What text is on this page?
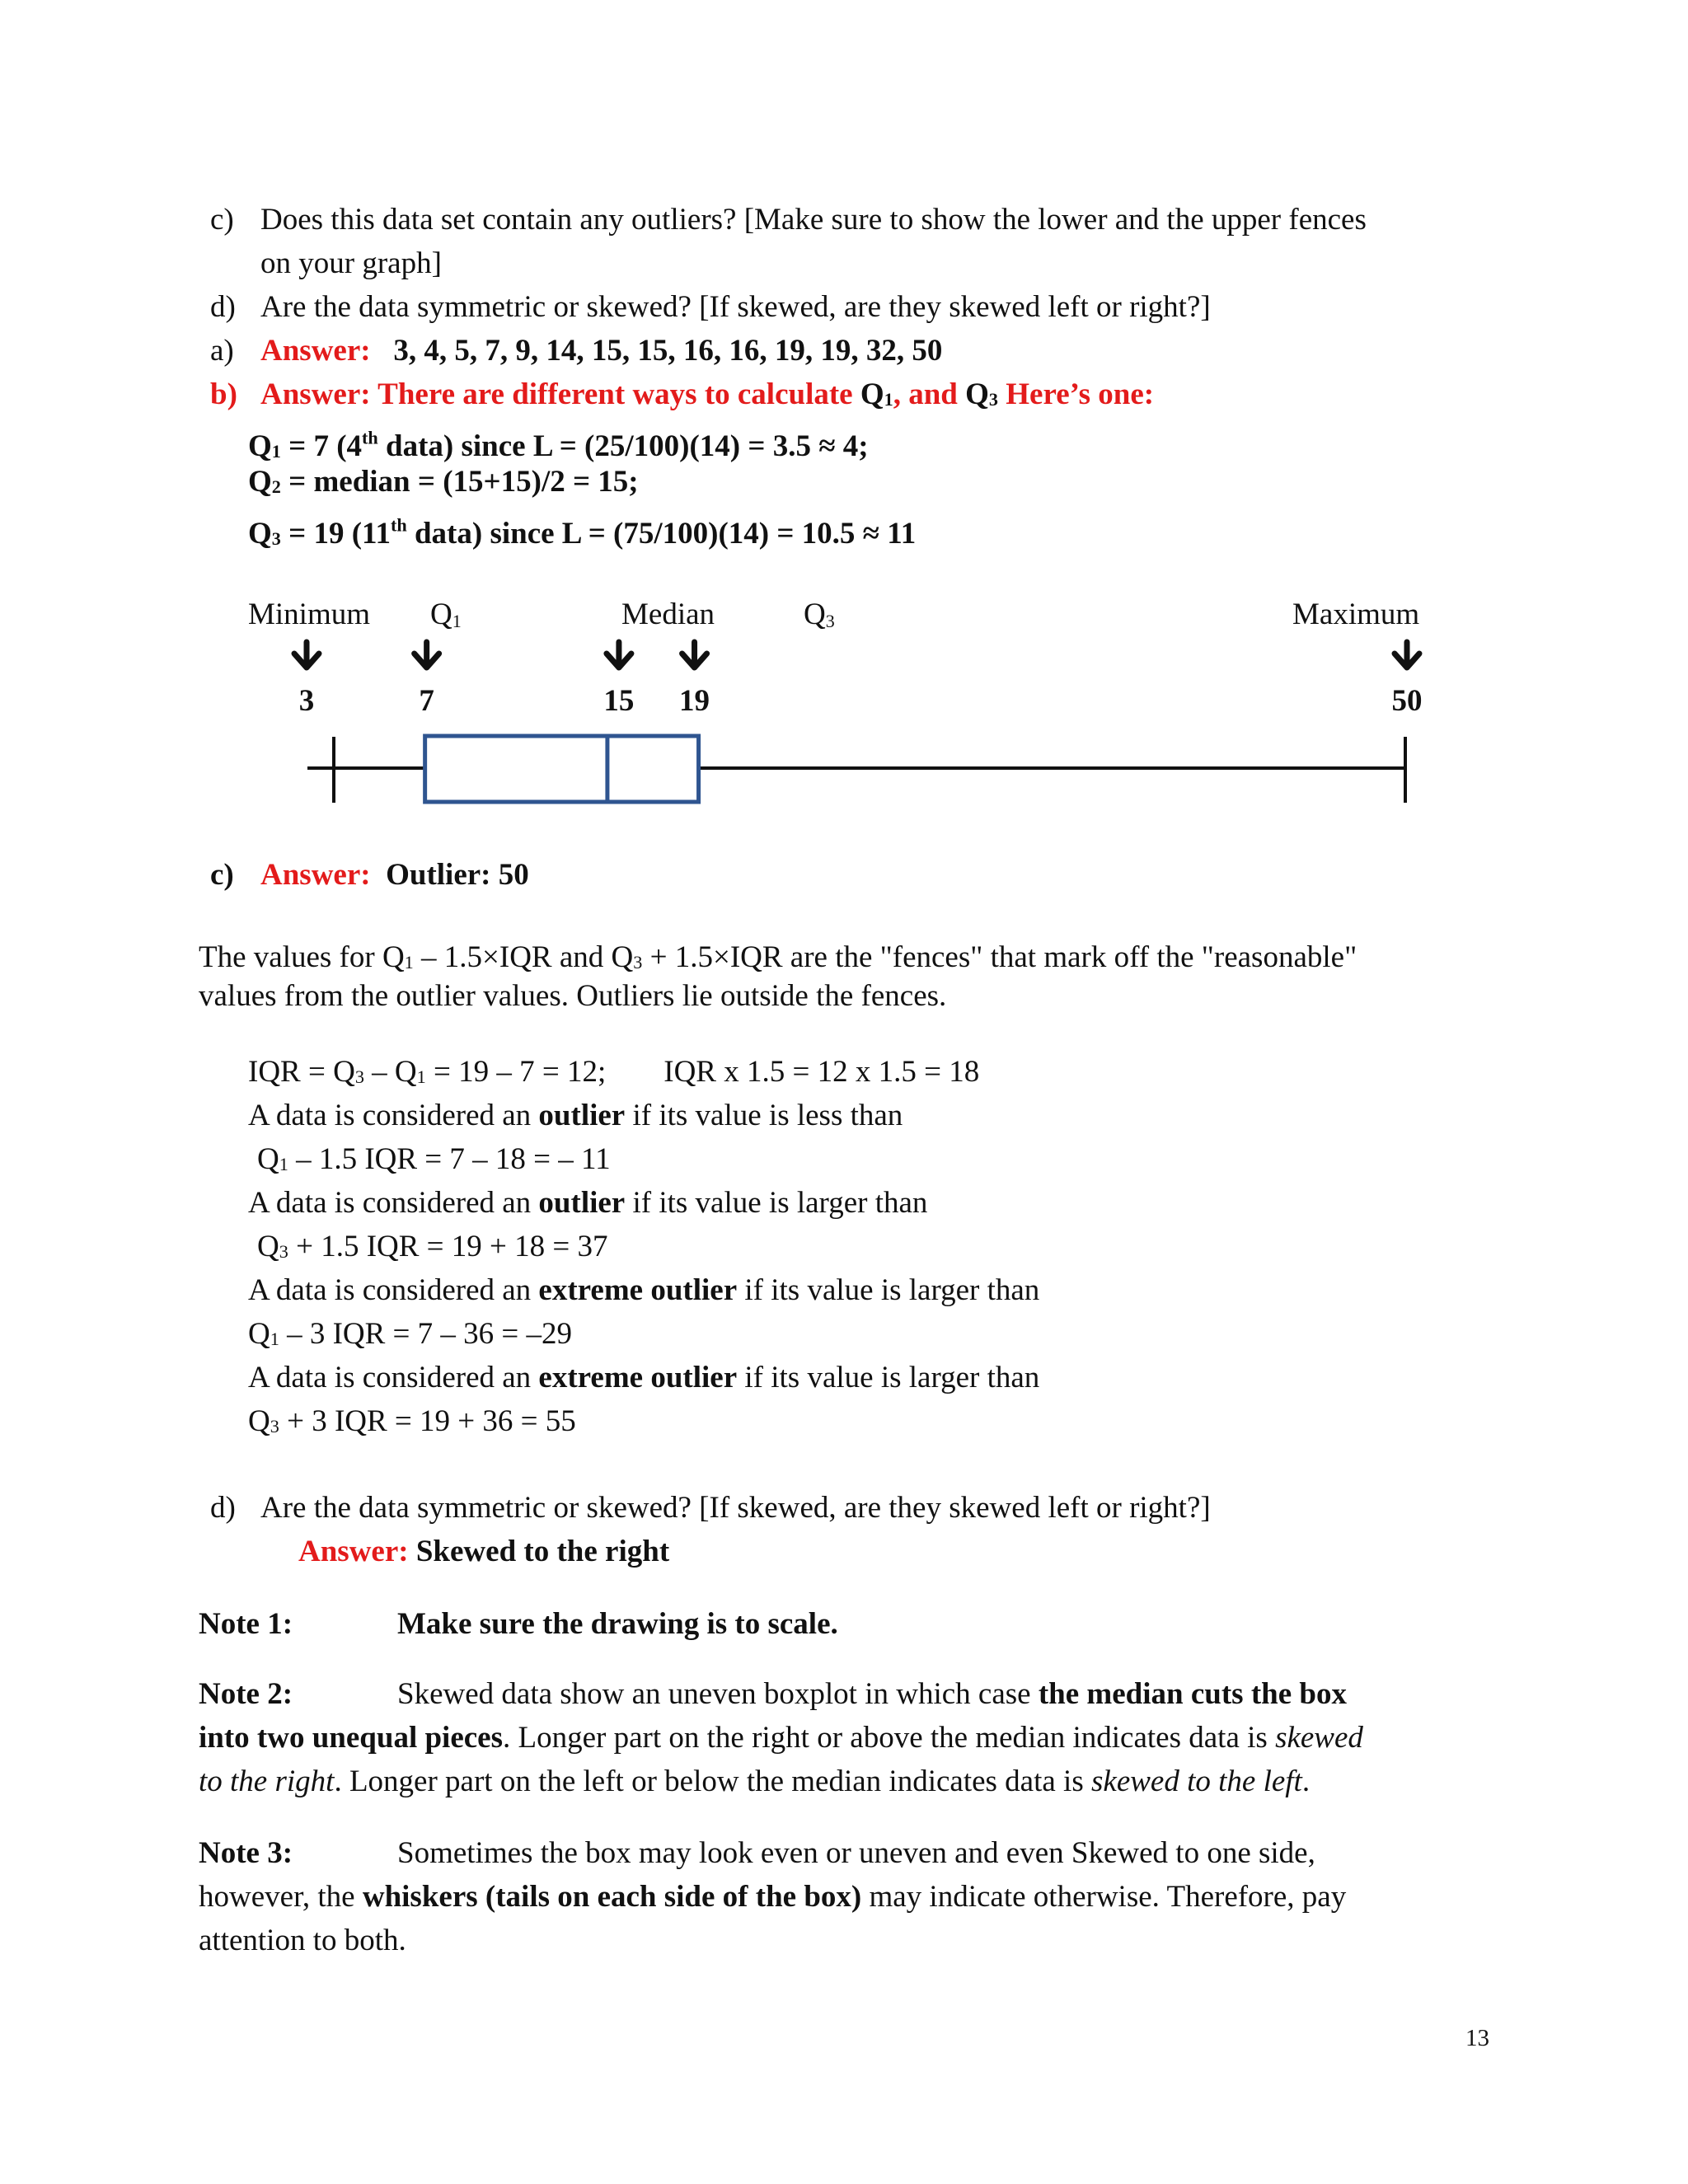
c) Does this data set contain any outliers? [Make sure to show the lower and the upper fences
on your graph]
d) Are the data symmetric or skewed? [If skewed, are they skewed left or right?]
a) Answer: 3, 4, 5, 7, 9, 14, 15, 15, 16, 16, 19, 19, 32, 50
b) Answer: There are different ways to calculate Q1, and Q3 Here’s one:
Q1 = 7 (4th data) since L = (25/100)(14) = 3.5 ≈ 4;
Q2 = median = (15+15)/2 = 15;
Q3 = 19 (11th data) since L = (75/100)(14) = 10.5 ≈ 11
Minimum Q1	Median	Q3	Maximum
3	7	15 19	50
c) Answer: Outlier: 50
The values for Q1 – 1.5×IQR and Q3 + 1.5×IQR are the "fences" that mark off the "reasonable"
values from the outlier values. Outliers lie outside the fences.
IQR = Q3 – Q1 = 19 – 7 = 12; IQR x 1.5 = 12 x 1.5 = 18
A data is considered an outlier if its value is less than
Q1 – 1.5 IQR = 7 – 18 = – 11
A data is considered an outlier if its value is larger than
Q3 + 1.5 IQR = 19 + 18 = 37
A data is considered an extreme outlier if its value is larger than
Q1 – 3 IQR = 7 – 36 = –29
A data is considered an extreme outlier if its value is larger than
Q3 + 3 IQR = 19 + 36 = 55
d) Are the data symmetric or skewed? [If skewed, are they skewed left or right?]
Answer: Skewed to the right
Note 1:	Make sure the drawing is to scale.
Note 2:	Skewed data show an uneven boxplot in which case the median cuts the box
into two unequal pieces. Longer part on the right or above the median indicates data is skewed
to the right. Longer part on the left or below the median indicates data is skewed to the left.
Note 3:	Sometimes the box may look even or uneven and even Skewed to one side,
however, the whiskers (tails on each side of the box) may indicate otherwise. Therefore, pay
attention to both.
13
